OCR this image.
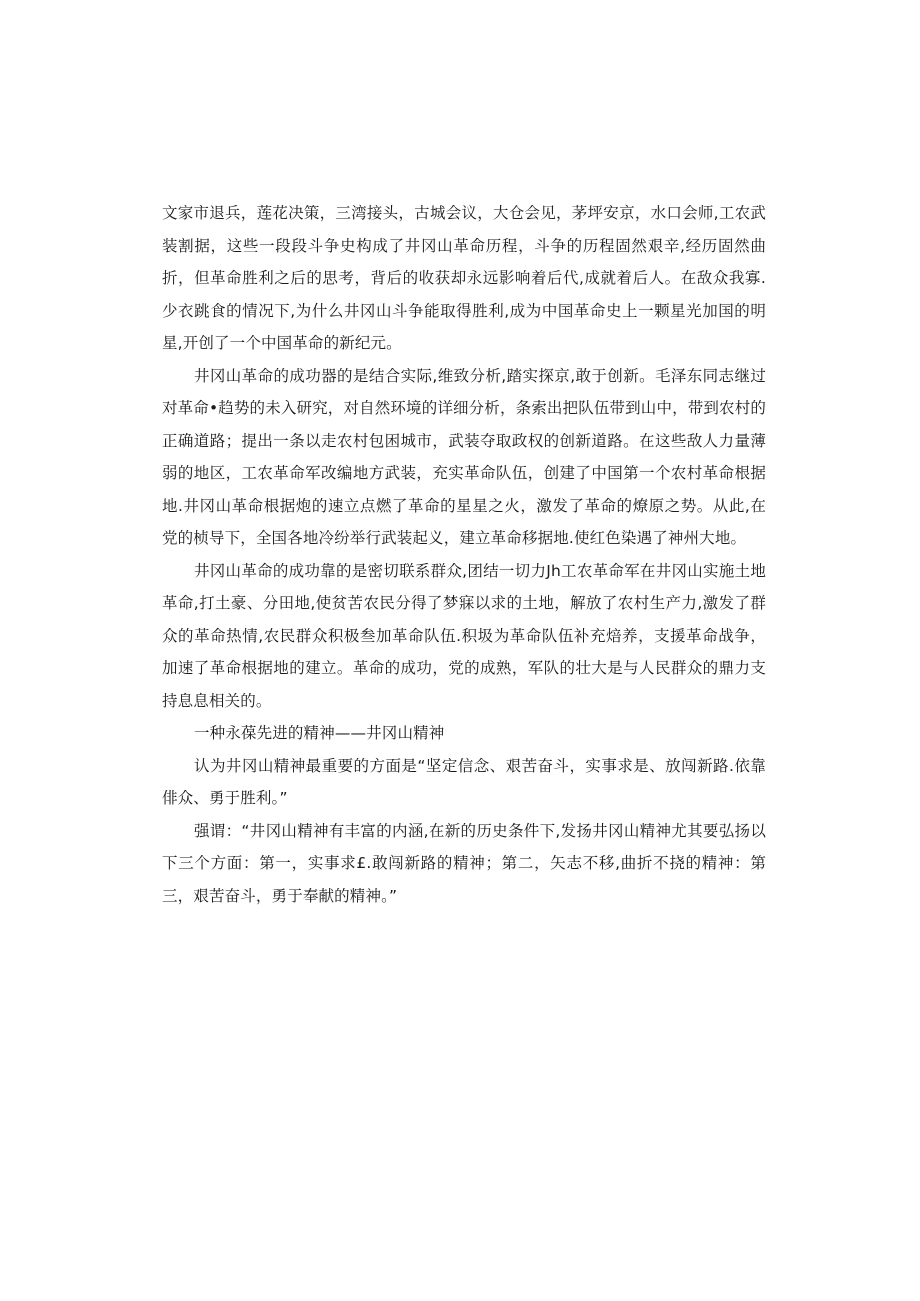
文家市退兵，莲花决策，三湾接头，古城会议，大仓会见，茅坪安京，水口会师,工农武装割据，这些一段段斗争史构成了井冈山革命历程，斗争的历程固然艰辛,经历固然曲折，但革命胜利之后的思考，背后的收获却永远影响着后代,成就着后人。在敌众我寡.少衣跳食的情况下,为什么井冈山斗争能取得胜利,成为中国革命史上一颗星光加国的明星,开创了一个中国革命的新纪元。

井冈山革命的成功器的是结合实际,维致分析,踏实探京,敢于创新。毛泽东同志继过对革命•趋势的未入研究，对自然环境的详细分析，条索出把队伍带到山中，带到农村的正确道路；提出一条以走农村包困城市，武装夺取政权的创新道路。在这些敌人力量薄弱的地区，工农革命军改编地方武装，充实革命队伍，创建了中国第一个农村革命根据地.井冈山革命根据炮的速立点燃了革命的星星之火，激发了革命的燎原之势。从此,在党的桢导下，全国各地冷纷举行武装起义，建立革命移据地.使红色染遇了神州大地。

井冈山革命的成功靠的是密切联系群众,团结一切力Jh工农革命军在井冈山实施土地革命,打土豪、分田地,使贫苦农民分得了梦寐以求的土地，解放了农村生产力,激发了群众的革命热情,农民群众积极叁加革命队伍.积圾为革命队伍补充焙养，支援革命战争，加速了革命根据地的建立。革命的成功，党的成熟，军队的壮大是与人民群众的鼎力支持息息相关的。

一种永葆先进的精神——井冈山精神

认为井冈山精神最重要的方面是“坚定信念、艰苦奋斗，实事求是、放闯新路.依靠俳众、勇于胜利。”

强谓：“井冈山精神有丰富的内涵,在新的历史条件下,发扬井冈山精神尤其要弘扬以下三个方面：第一，实事求£.敢闯新路的精神；第二，矢志不移,曲折不挠的精神：第三，艰苦奋斗，勇于奉献的精神。”
